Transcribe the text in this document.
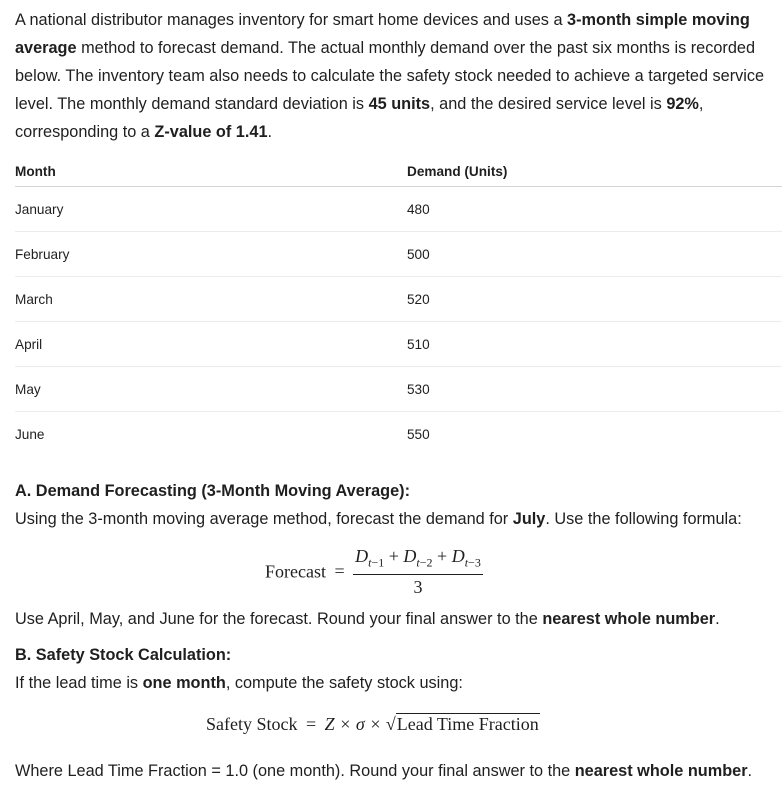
A national distributor manages inventory for smart home devices and uses a 3-month simple moving average method to forecast demand. The actual monthly demand over the past six months is recorded below. The inventory team also needs to calculate the safety stock needed to achieve a targeted service level. The monthly demand standard deviation is 45 units, and the desired service level is 92%, corresponding to a Z-value of 1.41.

Month	Demand (Units)
January	480
February	500
March	520
April	510
May	530
June	550
A. Demand Forecasting (3-Month Moving Average):
Using the 3-month moving average method, forecast the demand for July. Use the following formula:
Forecast = $\frac{D_{t-1} + D_{t-2} + D_{t-3}}{3}$
Use April, May, and June for the forecast. Round your final answer to the nearest whole number.
B. Safety Stock Calculation:
If the lead time is one month, compute the safety stock using:
Safety Stock = Z × σ × √Lead Time Fraction
Where Lead Time Fraction = 1.0 (one month). Round your final answer to the nearest whole number.
